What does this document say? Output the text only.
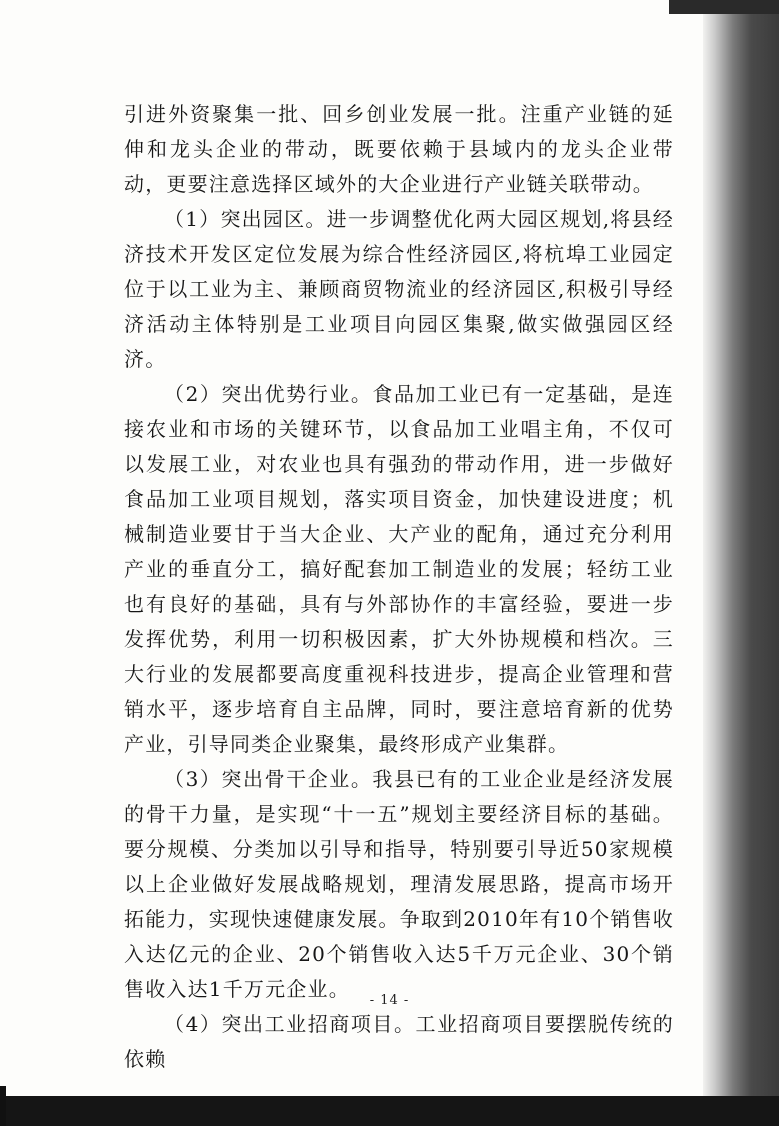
引进外资聚集一批、回乡创业发展一批。注重产业链的延伸和龙头企业的带动，既要依赖于县域内的龙头企业带动，更要注意选择区域外的大企业进行产业链关联带动。

（1）突出园区。进一步调整优化两大园区规划,将县经济技术开发区定位发展为综合性经济园区,将杭埠工业园定位于以工业为主、兼顾商贸物流业的经济园区,积极引导经济活动主体特别是工业项目向园区集聚,做实做强园区经济。

（2）突出优势行业。食品加工业已有一定基础，是连接农业和市场的关键环节，以食品加工业唱主角，不仅可以发展工业，对农业也具有强劲的带动作用，进一步做好食品加工业项目规划，落实项目资金，加快建设进度；机械制造业要甘于当大企业、大产业的配角，通过充分利用产业的垂直分工，搞好配套加工制造业的发展；轻纺工业也有良好的基础，具有与外部协作的丰富经验，要进一步发挥优势，利用一切积极因素，扩大外协规模和档次。三大行业的发展都要高度重视科技进步，提高企业管理和营销水平，逐步培育自主品牌，同时，要注意培育新的优势产业，引导同类企业聚集，最终形成产业集群。

（3）突出骨干企业。我县已有的工业企业是经济发展的骨干力量，是实现“十一五”规划主要经济目标的基础。要分规模、分类加以引导和指导，特别要引导近50家规模以上企业做好发展战略规划，理清发展思路，提高市场开拓能力，实现快速健康发展。争取到2010年有10个销售收入达亿元的企业、20个销售收入达5千万元企业、30个销售收入达1千万元企业。

（4）突出工业招商项目。工业招商项目要摆脱传统的依赖

- 14 -
